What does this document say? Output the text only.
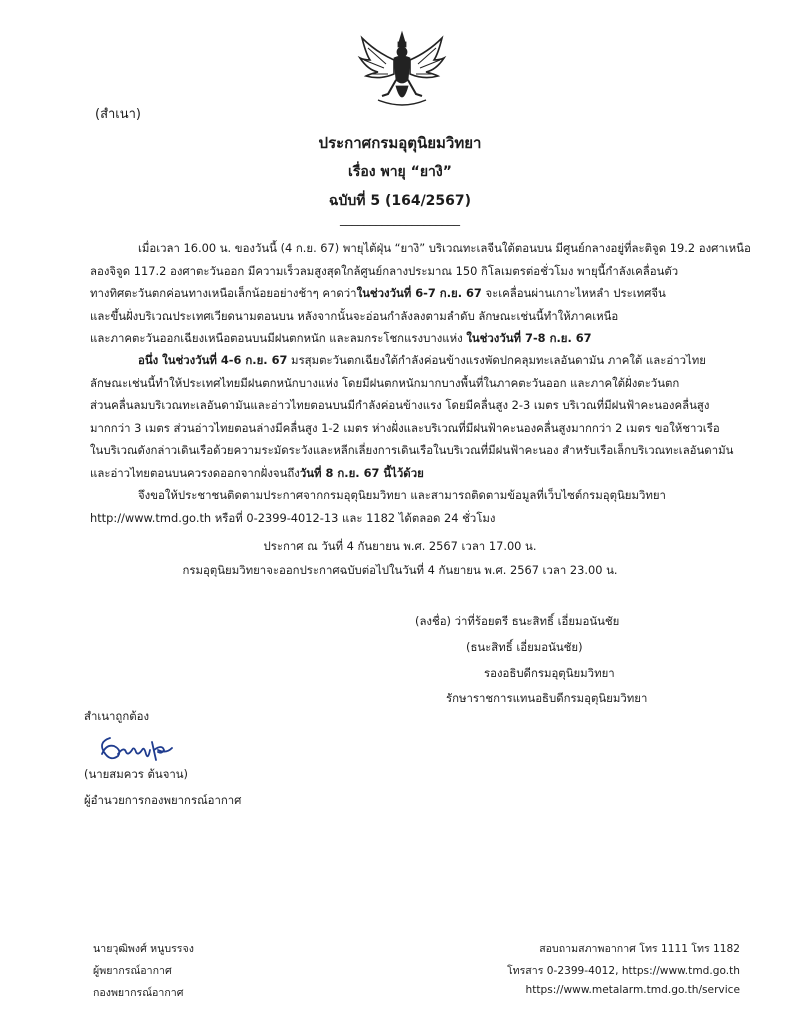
(สำเนา)
ประกาศกรมอุตุนิยมวิทยา
เรื่อง พายุ “ยางิ”
ฉบับที่ 5 (164/2567)
____________________
เมื่อเวลา 16.00 น. ของวันนี้ (4 ก.ย. 67) พายุไต้ฝุ่น “ยางิ” บริเวณทะเลจีนใต้ตอนบน มีศูนย์กลางอยู่ที่ละติจูด 19.2 องศาเหนือ
ลองจิจูด 117.2 องศาตะวันออก มีความเร็วลมสูงสุดใกล้ศูนย์กลางประมาณ 150 กิโลเมตรต่อชั่วโมง พายุนี้กำลังเคลื่อนตัว
ทางทิศตะวันตกค่อนทางเหนือเล็กน้อยอย่างช้าๆ คาดว่าในช่วงวันที่ 6-7 ก.ย. 67 จะเคลื่อนผ่านเกาะไหหลำ ประเทศจีน
และขึ้นฝั่งบริเวณประเทศเวียดนามตอนบน หลังจากนั้นจะอ่อนกำลังลงตามลำดับ ลักษณะเช่นนี้ทำให้ภาคเหนือ
และภาคตะวันออกเฉียงเหนือตอนบนมีฝนตกหนัก และลมกระโชกแรงบางแห่ง ในช่วงวันที่ 7-8 ก.ย. 67
อนึ่ง ในช่วงวันที่ 4-6 ก.ย. 67 มรสุมตะวันตกเฉียงใต้กำลังค่อนข้างแรงพัดปกคลุมทะเลอันดามัน ภาคใต้ และอ่าวไทย
ลักษณะเช่นนี้ทำให้ประเทศไทยมีฝนตกหนักบางแห่ง โดยมีฝนตกหนักมากบางพื้นที่ในภาคตะวันออก และภาคใต้ฝั่งตะวันตก
ส่วนคลื่นลมบริเวณทะเลอันดามันและอ่าวไทยตอนบนมีกำลังค่อนข้างแรง โดยมีคลื่นสูง 2-3 เมตร บริเวณที่มีฝนฟ้าคะนองคลื่นสูง
มากกว่า 3 เมตร ส่วนอ่าวไทยตอนล่างมีคลื่นสูง 1-2 เมตร ห่างฝั่งและบริเวณที่มีฝนฟ้าคะนองคลื่นสูงมากกว่า 2 เมตร ขอให้ชาวเรือ
ในบริเวณดังกล่าวเดินเรือด้วยความระมัดระวังและหลีกเลี่ยงการเดินเรือในบริเวณที่มีฝนฟ้าคะนอง สำหรับเรือเล็กบริเวณทะเลอันดามัน
และอ่าวไทยตอนบนควรงดออกจากฝั่งจนถึงวันที่ 8 ก.ย. 67 นี้ไว้ด้วย
จึงขอให้ประชาชนติดตามประกาศจากกรมอุตุนิยมวิทยา และสามารถติดตามข้อมูลที่เว็บไซต์กรมอุตุนิยมวิทยา
http://www.tmd.go.th หรือที่ 0-2399-4012-13 และ 1182 ได้ตลอด 24 ชั่วโมง
ประกาศ ณ วันที่ 4 กันยายน พ.ศ. 2567 เวลา 17.00 น.
กรมอุตุนิยมวิทยาจะออกประกาศฉบับต่อไปในวันที่ 4 กันยายน พ.ศ. 2567 เวลา 23.00 น.
(ลงชื่อ) ว่าที่ร้อยตรี ธนะสิทธิ์ เอี่ยมอนันชัย
(ธนะสิทธิ์ เอี่ยมอนันชัย)
รองอธิบดีกรมอุตุนิยมวิทยา
รักษาราชการแทนอธิบดีกรมอุตุนิยมวิทยา
สำเนาถูกต้อง
(นายสมควร ต้นจาน)
ผู้อำนวยการกองพยากรณ์อากาศ
นายวุฒิพงศ์ หนูบรรจง
ผู้พยากรณ์อากาศ
กองพยากรณ์อากาศ
สอบถามสภาพอากาศ โทร 1111 โทร 1182
โทรสาร 0-2399-4012, https://www.tmd.go.th
https://www.metalarm.tmd.go.th/service
